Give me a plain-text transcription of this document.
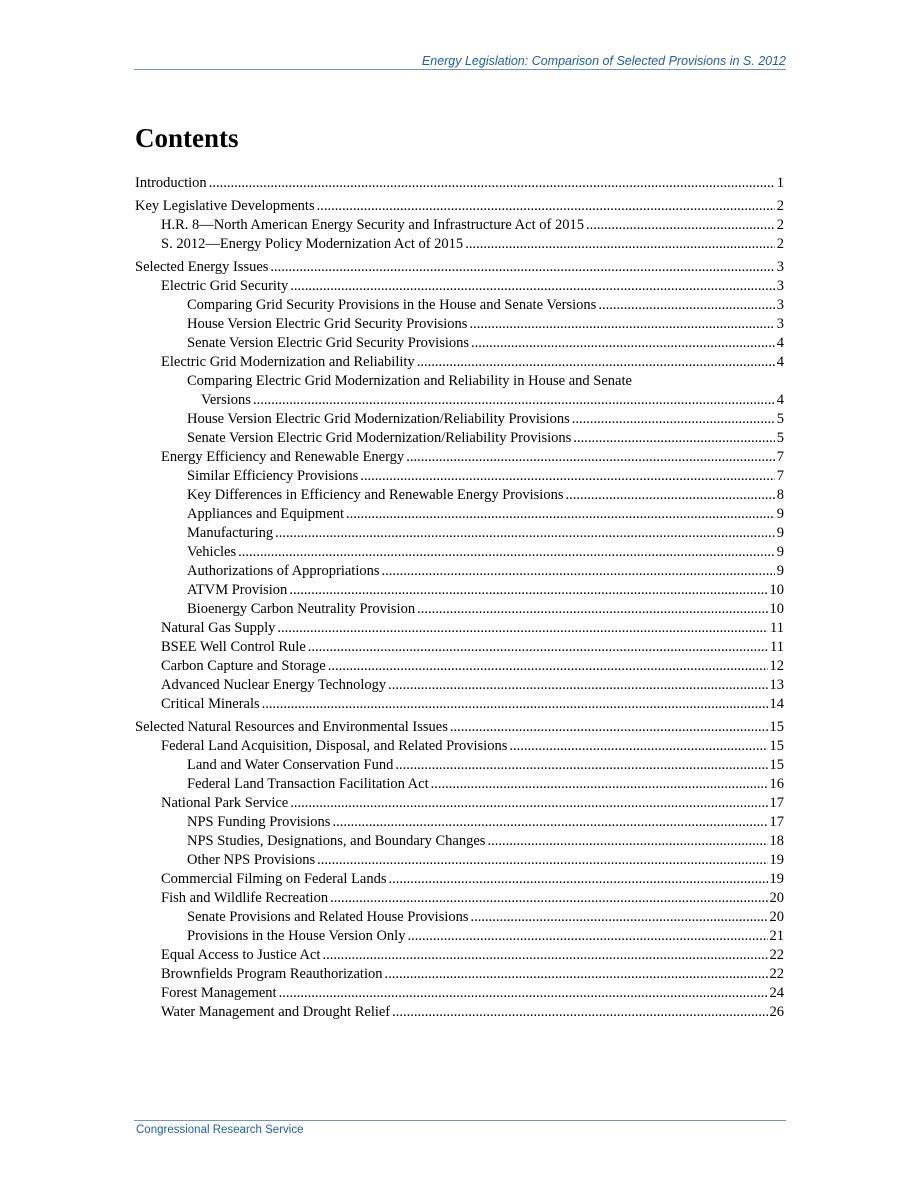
Energy Legislation: Comparison of Selected Provisions in S. 2012
Contents
Introduction .....	1
Key Legislative Developments .....	2
H.R. 8—North American Energy Security and Infrastructure Act of 2015 .....	2
S. 2012—Energy Policy Modernization Act of 2015 .....	2
Selected Energy Issues .....	3
Electric Grid Security .....	3
Comparing Grid Security Provisions in the House and Senate Versions .....	3
House Version Electric Grid Security Provisions .....	3
Senate Version Electric Grid Security Provisions .....	4
Electric Grid Modernization and Reliability .....	4
Comparing Electric Grid Modernization and Reliability in House and Senate
Versions .....	4
House Version Electric Grid Modernization/Reliability Provisions .....	5
Senate Version Electric Grid Modernization/Reliability Provisions .....	5
Energy Efficiency and Renewable Energy .....	7
Similar Efficiency Provisions .....	7
Key Differences in Efficiency and Renewable Energy Provisions .....	8
Appliances and Equipment .....	9
Manufacturing .....	9
Vehicles .....	9
Authorizations of Appropriations .....	9
ATVM Provision .....	10
Bioenergy Carbon Neutrality Provision .....	10
Natural Gas Supply .....	11
BSEE Well Control Rule .....	11
Carbon Capture and Storage .....	12
Advanced Nuclear Energy Technology .....	13
Critical Minerals .....	14
Selected Natural Resources and Environmental Issues .....	15
Federal Land Acquisition, Disposal, and Related Provisions .....	15
Land and Water Conservation Fund .....	15
Federal Land Transaction Facilitation Act .....	16
National Park Service .....	17
NPS Funding Provisions .....	17
NPS Studies, Designations, and Boundary Changes .....	18
Other NPS Provisions .....	19
Commercial Filming on Federal Lands .....	19
Fish and Wildlife Recreation .....	20
Senate Provisions and Related House Provisions .....	20
Provisions in the House Version Only .....	21
Equal Access to Justice Act .....	22
Brownfields Program Reauthorization .....	22
Forest Management .....	24
Water Management and Drought Relief .....	26
Congressional Research Service
